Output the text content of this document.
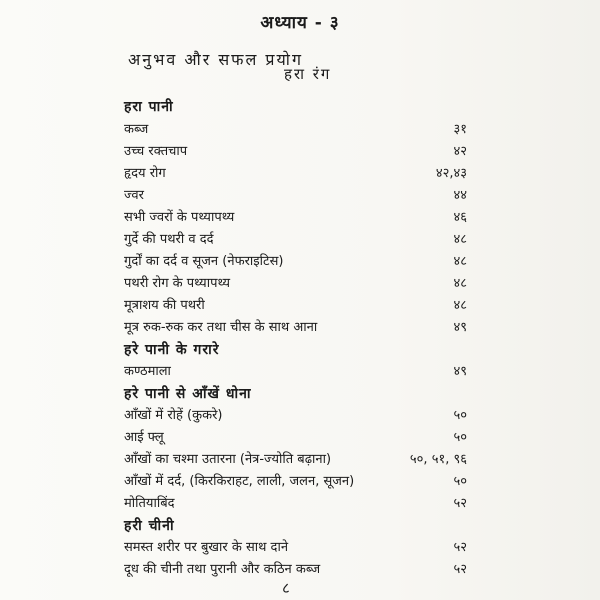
अध्याय - ३
अनुभव और सफल प्रयोग
हरा रंग
हरा पानी
कब्ज	३१
उच्च रक्तचाप	४२
हृदय रोग	४२,४३
ज्वर	४४
सभी ज्वरों के पथ्यापथ्य	४६
गुर्दे की पथरी व दर्द	४८
गुर्दों का दर्द व सूजन (नेफराइटिस)	४८
पथरी रोग के पथ्यापथ्य	४८
मूत्राशय की पथरी	४८
मूत्र रुक-रुक कर तथा चीस के साथ आना	४९
हरे पानी के गरारे
कण्ठमाला	४९
हरे पानी से आँखें धोना
आँखों में रोहें (कुकरे)	५०
आई फ्लू	५०
आँखों का चश्मा उतारना (नेत्र-ज्योति बढ़ाना)	५०, ५१, ९६
आँखों में दर्द, (किरकिराहट, लाली, जलन, सूजन)	५०
मोतियाबिंद	५२
हरी चीनी
समस्त शरीर पर बुखार के साथ दाने	५२
दूध की चीनी तथा पुरानी और कठिन कब्ज	५२
८
